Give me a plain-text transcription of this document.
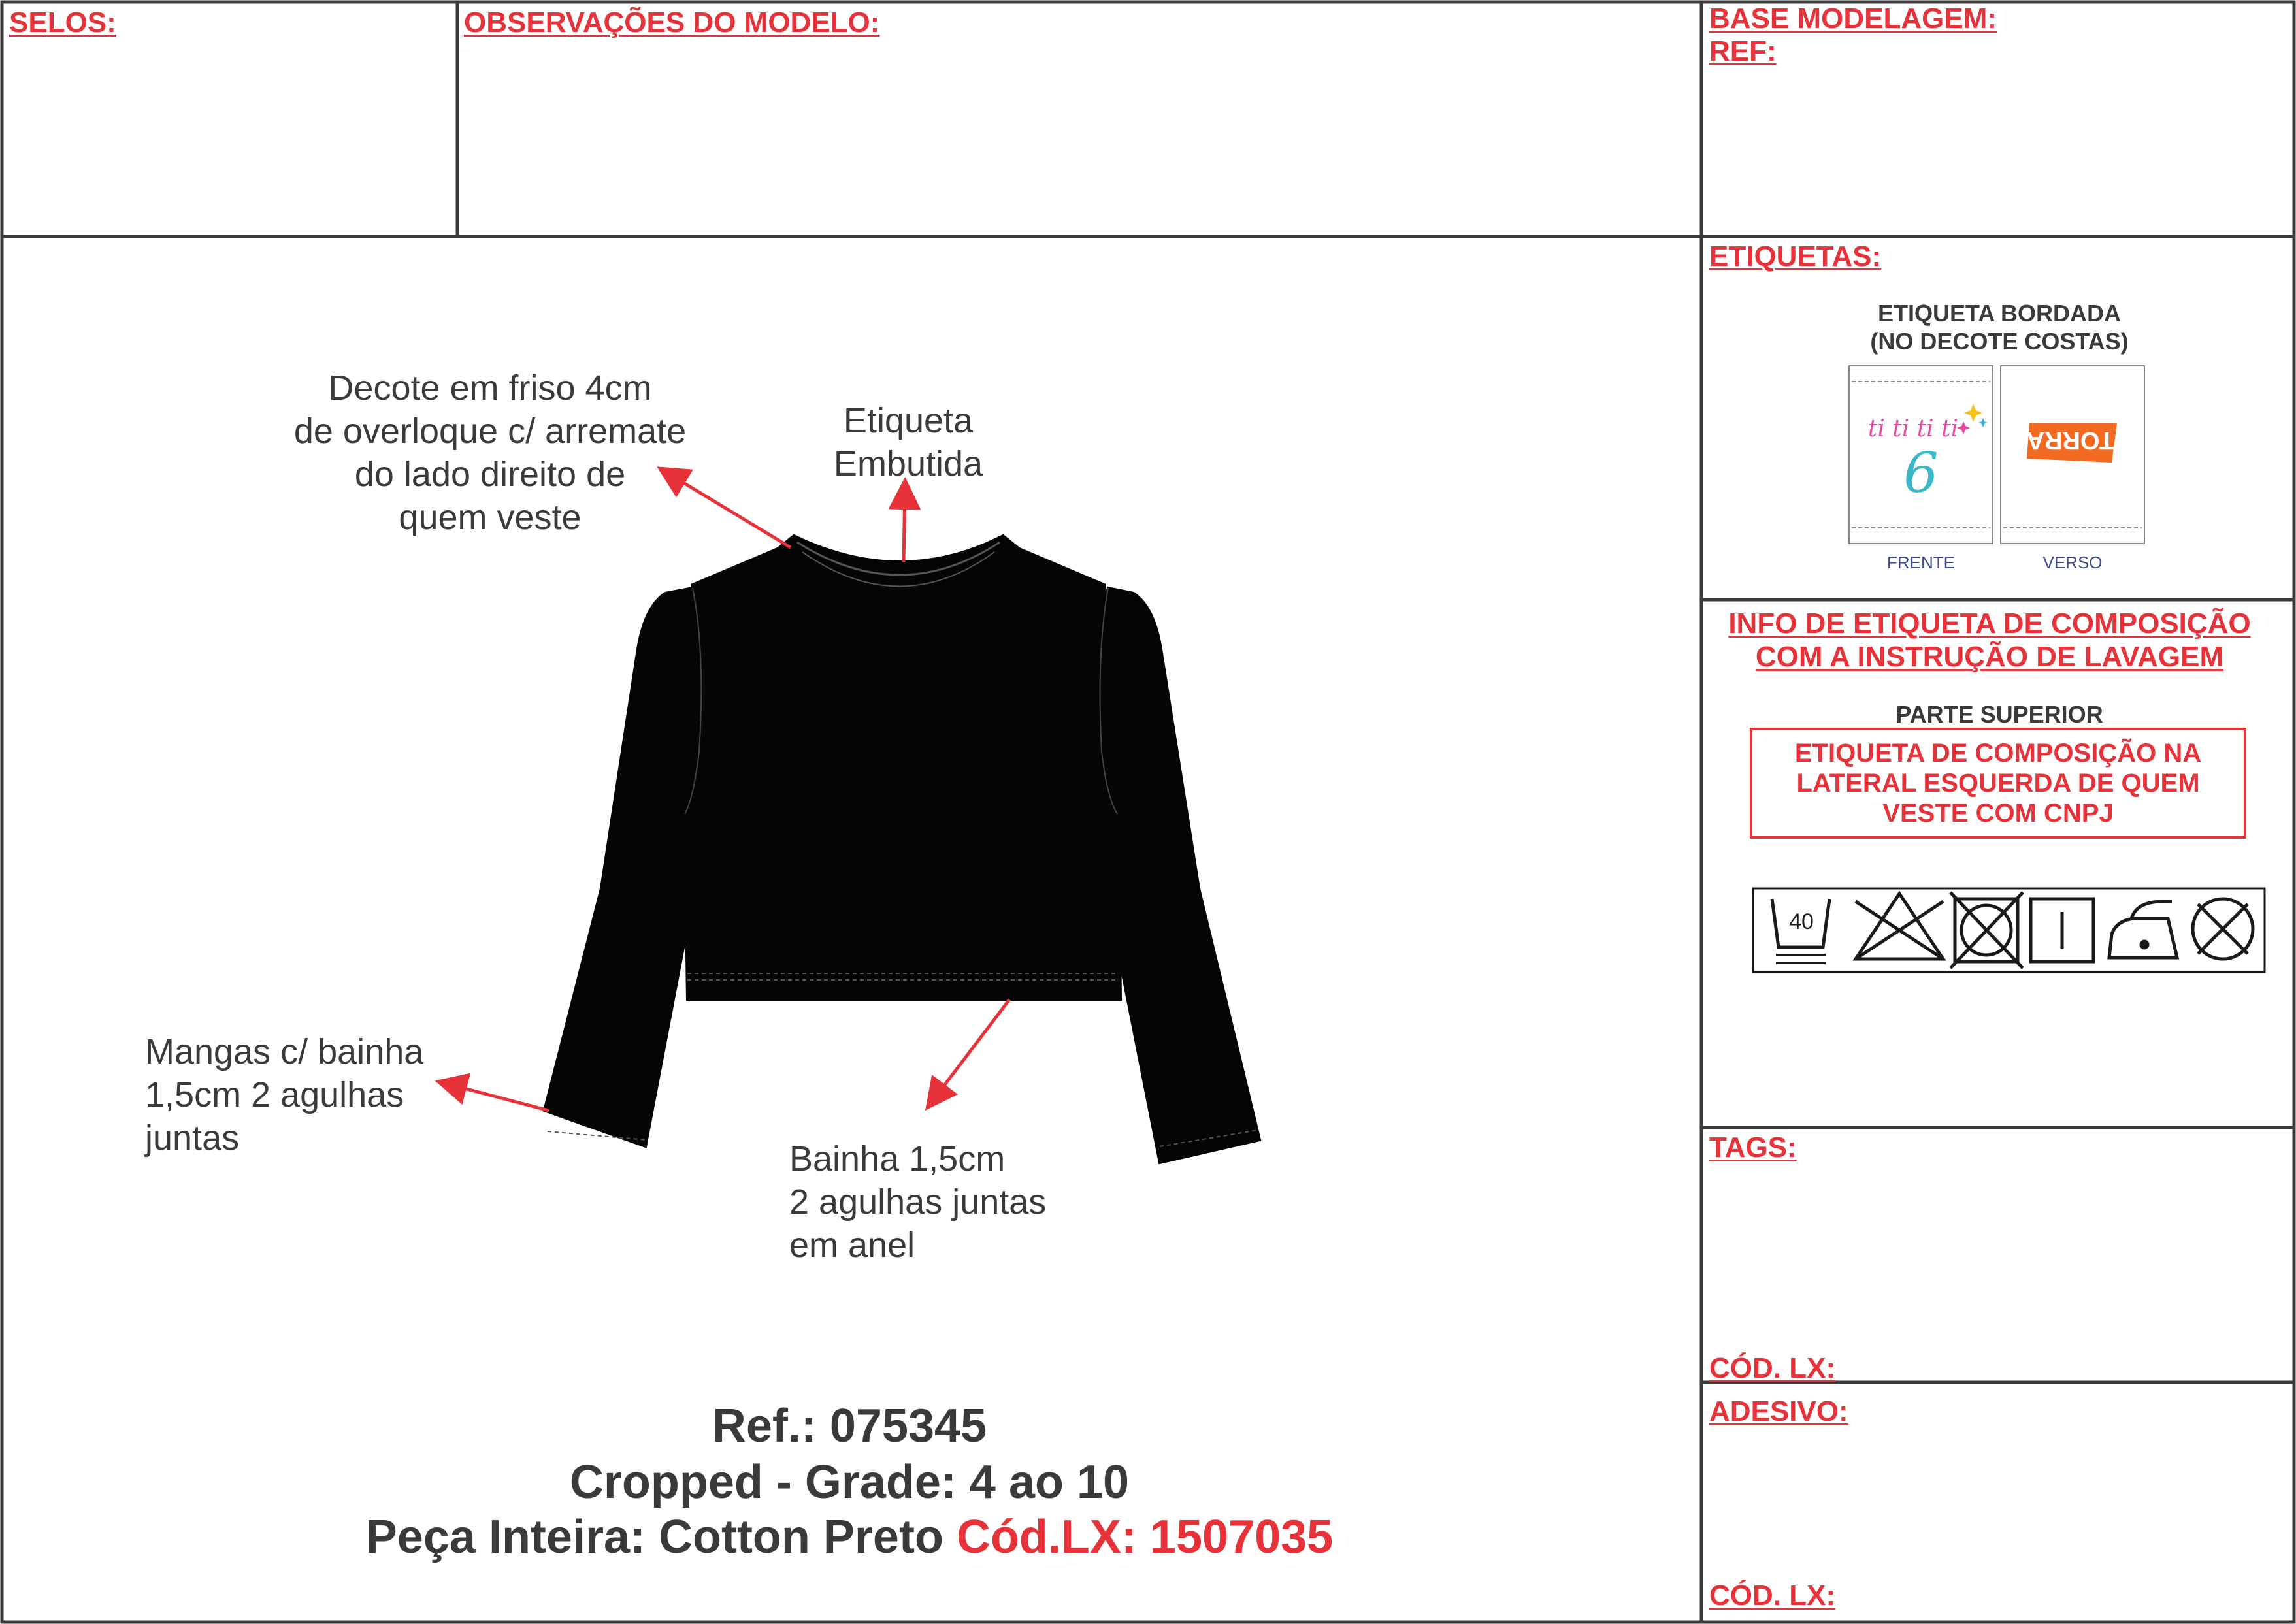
SELOS:	OBSERVAÇÕES DO MODELO:	BASE MODELAGEM:
REF:
Decote em friso 4cm
de overloque c/ arremate
do lado direito de
quem veste
Etiqueta
Embutida
Mangas c/ bainha
1,5cm 2 agulhas
juntas
Bainha 1,5cm
2 agulhas juntas
em anel
Ref.: 075345
Cropped - Grade: 4 ao 10
Peça Inteira: Cotton Preto Cód.LX: 1507035
ETIQUETAS:
ETIQUETA BORDADA
(NO DECOTE COSTAS)
ti ti ti ti
6
TORRA
FRENTE	VERSO
INFO DE ETIQUETA DE COMPOSIÇÃO
COM A INSTRUÇÃO DE LAVAGEM
PARTE SUPERIOR
ETIQUETA DE COMPOSIÇÃO NA
LATERAL ESQUERDA DE QUEM
VESTE COM CNPJ
40
TAGS:
CÓD. LX:
ADESIVO:
CÓD. LX:
